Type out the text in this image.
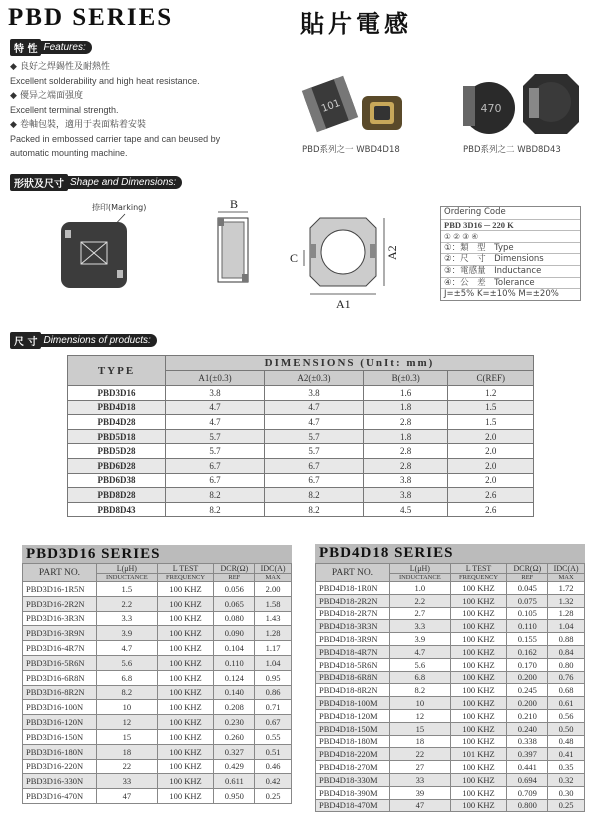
PBD SERIES	貼片電感
特 性 Features:
◆ 良好之焊錫性及耐熱性
Excellent solderability and high heat resistance.
◆ 優异之端面强度
Excellent terminal strength.
◆ 卷軸包裝，適用于表面粘着安裝
Packed in embossed carrier tape and can beused by automatic mounting machine.
101	470
PBD系列之一 WBD4D18	PBD系列之二 WBD8D43
形狀及尺寸 Shape and Dimensions:
捺印(Marking)	B
C	A2
A1
Ordering Code
PBD 3D16 ─ 220 K
① ② ③ ④
①：類　型　Type
②：尺　寸　Dimensions
③：電感量　Inductance
④：公　差　Tolerance
J=±5% K=±10% M=±20%
尺 寸 Dimensions of products:
TYPE	DIMENSIONS (UnIt: mm)			
	A1(±0.3)	A2(±0.3)	B(±0.3)	C(REF)
PBD3D16	3.8	3.8	1.6	1.2
PBD4D18	4.7	4.7	1.8	1.5
PBD4D28	4.7	4.7	2.8	1.5
PBD5D18	5.7	5.7	1.8	2.0
PBD5D28	5.7	5.7	2.8	2.0
PBD6D28	6.7	6.7	2.8	2.0
PBD6D38	6.7	6.7	3.8	2.0
PBD8D28	8.2	8.2	3.8	2.6
PBD8D43	8.2	8.2	4.5	2.6
PBD3D16 SERIES
PART NO.	L(μH)	L TEST	DCR(Ω)	IDC(A)
	INDUCTANCE	FREQUENCY	REF	MAX
PBD3D16-1R5N	1.5	100 KHZ	0.056	2.00
PBD3D16-2R2N	2.2	100 KHZ	0.065	1.58
PBD3D16-3R3N	3.3	100 KHZ	0.080	1.43
PBD3D16-3R9N	3.9	100 KHZ	0.090	1.28
PBD3D16-4R7N	4.7	100 KHZ	0.104	1.17
PBD3D16-5R6N	5.6	100 KHZ	0.110	1.04
PBD3D16-6R8N	6.8	100 KHZ	0.124	0.95
PBD3D16-8R2N	8.2	100 KHZ	0.140	0.86
PBD3D16-100N	10	100 KHZ	0.208	0.71
PBD3D16-120N	12	100 KHZ	0.230	0.67
PBD3D16-150N	15	100 KHZ	0.260	0.55
PBD3D16-180N	18	100 KHZ	0.327	0.51
PBD3D16-220N	22	100 KHZ	0.429	0.46
PBD3D16-330N	33	100 KHZ	0.611	0.42
PBD3D16-470N	47	100 KHZ	0.950	0.25
PBD4D18 SERIES
PART NO.	L(μH)	L TEST	DCR(Ω)	IDC(A)
	INDUCTANCE	FREQUENCY	REF	MAX
PBD4D18-1R0N	1.0	100 KHZ	0.045	1.72
PBD4D18-2R2N	2.2	100 KHZ	0.075	1.32
PBD4D18-2R7N	2.7	100 KHZ	0.105	1.28
PBD4D18-3R3N	3.3	100 KHZ	0.110	1.04
PBD4D18-3R9N	3.9	100 KHZ	0.155	0.88
PBD4D18-4R7N	4.7	100 KHZ	0.162	0.84
PBD4D18-5R6N	5.6	100 KHZ	0.170	0.80
PBD4D18-6R8N	6.8	100 KHZ	0.200	0.76
PBD4D18-8R2N	8.2	100 KHZ	0.245	0.68
PBD4D18-100M	10	100 KHZ	0.200	0.61
PBD4D18-120M	12	100 KHZ	0.210	0.56
PBD4D18-150M	15	100 KHZ	0.240	0.50
PBD4D18-180M	18	100 KHZ	0.338	0.48
PBD4D18-220M	22	101 KHZ	0.397	0.41
PBD4D18-270M	27	100 KHZ	0.441	0.35
PBD4D18-330M	33	100 KHZ	0.694	0.32
PBD4D18-390M	39	100 KHZ	0.709	0.30
PBD4D18-470M	47	100 KHZ	0.800	0.25
